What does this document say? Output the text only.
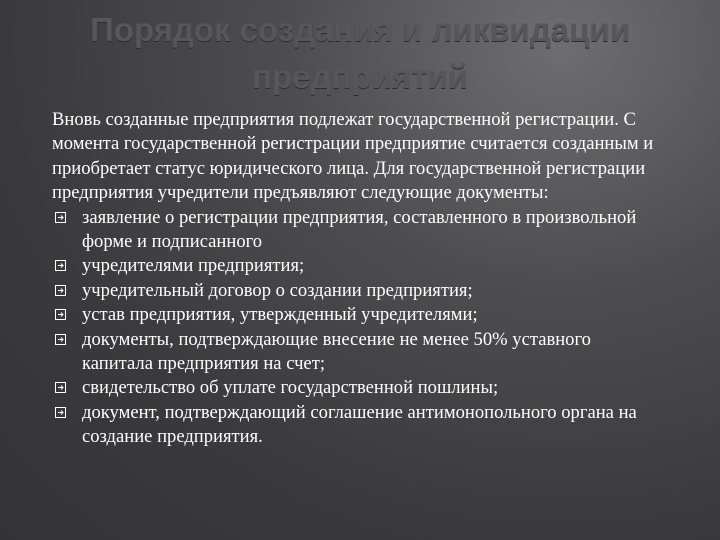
Порядок создания и ликвидации предприятий

Вновь созданные предприятия подлежат государственной регистрации. С момента государственной регистрации предприятие считается созданным и приобретает статус юридического лица. Для государственной регистрации предприятия учредители предъявляют следующие документы:

заявление о регистрации предприятия, составленного в произвольной форме и подписанного
учредителями предприятия;
учредительный договор о создании предприятия;
устав предприятия, утвержденный учредителями;
документы, подтверждающие внесение не менее 50% уставного капитала предприятия на счет;
свидетельство об уплате государственной пошлины;
документ, подтверждающий соглашение антимонопольного органа на создание предприятия.
